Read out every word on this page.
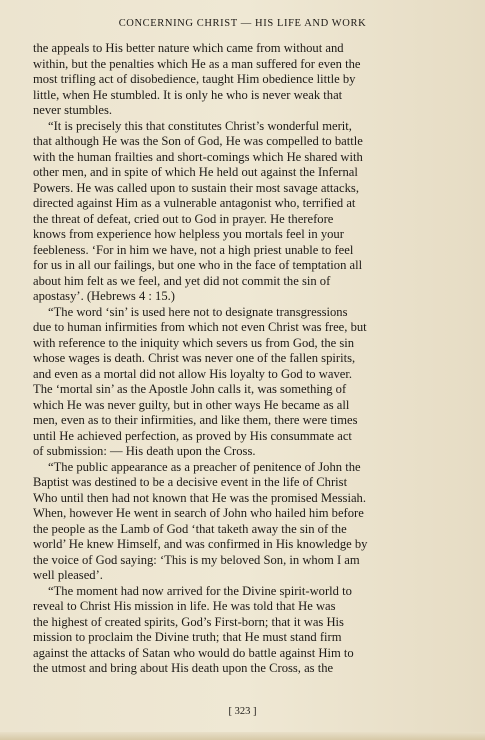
CONCERNING CHRIST — HIS LIFE AND WORK
the appeals to His better nature which came from without and
within, but the penalties which He as a man suffered for even the
most trifling act of disobedience, taught Him obedience little by
little, when He stumbled. It is only he who is never weak that
never stumbles.
“It is precisely this that constitutes Christ’s wonderful merit,
that although He was the Son of God, He was compelled to battle
with the human frailties and short-comings which He shared with
other men, and in spite of which He held out against the Infernal
Powers. He was called upon to sustain their most savage attacks,
directed against Him as a vulnerable antagonist who, terrified at
the threat of defeat, cried out to God in prayer. He therefore
knows from experience how helpless you mortals feel in your
feebleness. ‘For in him we have, not a high priest unable to feel
for us in all our failings, but one who in the face of temptation all
about him felt as we feel, and yet did not commit the sin of
apostasy’. (Hebrews 4 : 15.)
“The word ‘sin’ is used here not to designate transgressions
due to human infirmities from which not even Christ was free, but
with reference to the iniquity which severs us from God, the sin
whose wages is death. Christ was never one of the fallen spirits,
and even as a mortal did not allow His loyalty to God to waver.
The ‘mortal sin’ as the Apostle John calls it, was something of
which He was never guilty, but in other ways He became as all
men, even as to their infirmities, and like them, there were times
until He achieved perfection, as proved by His consummate act
of submission: — His death upon the Cross.
“The public appearance as a preacher of penitence of John the
Baptist was destined to be a decisive event in the life of Christ
Who until then had not known that He was the promised Messiah.
When, however He went in search of John who hailed him before
the people as the Lamb of God ‘that taketh away the sin of the
world’ He knew Himself, and was confirmed in His knowledge by
the voice of God saying: ‘This is my beloved Son, in whom I am
well pleased’.
“The moment had now arrived for the Divine spirit-world to
reveal to Christ His mission in life. He was told that He was
the highest of created spirits, God’s First-born; that it was His
mission to proclaim the Divine truth; that He must stand firm
against the attacks of Satan who would do battle against Him to
the utmost and bring about His death upon the Cross, as the
[ 323 ]
